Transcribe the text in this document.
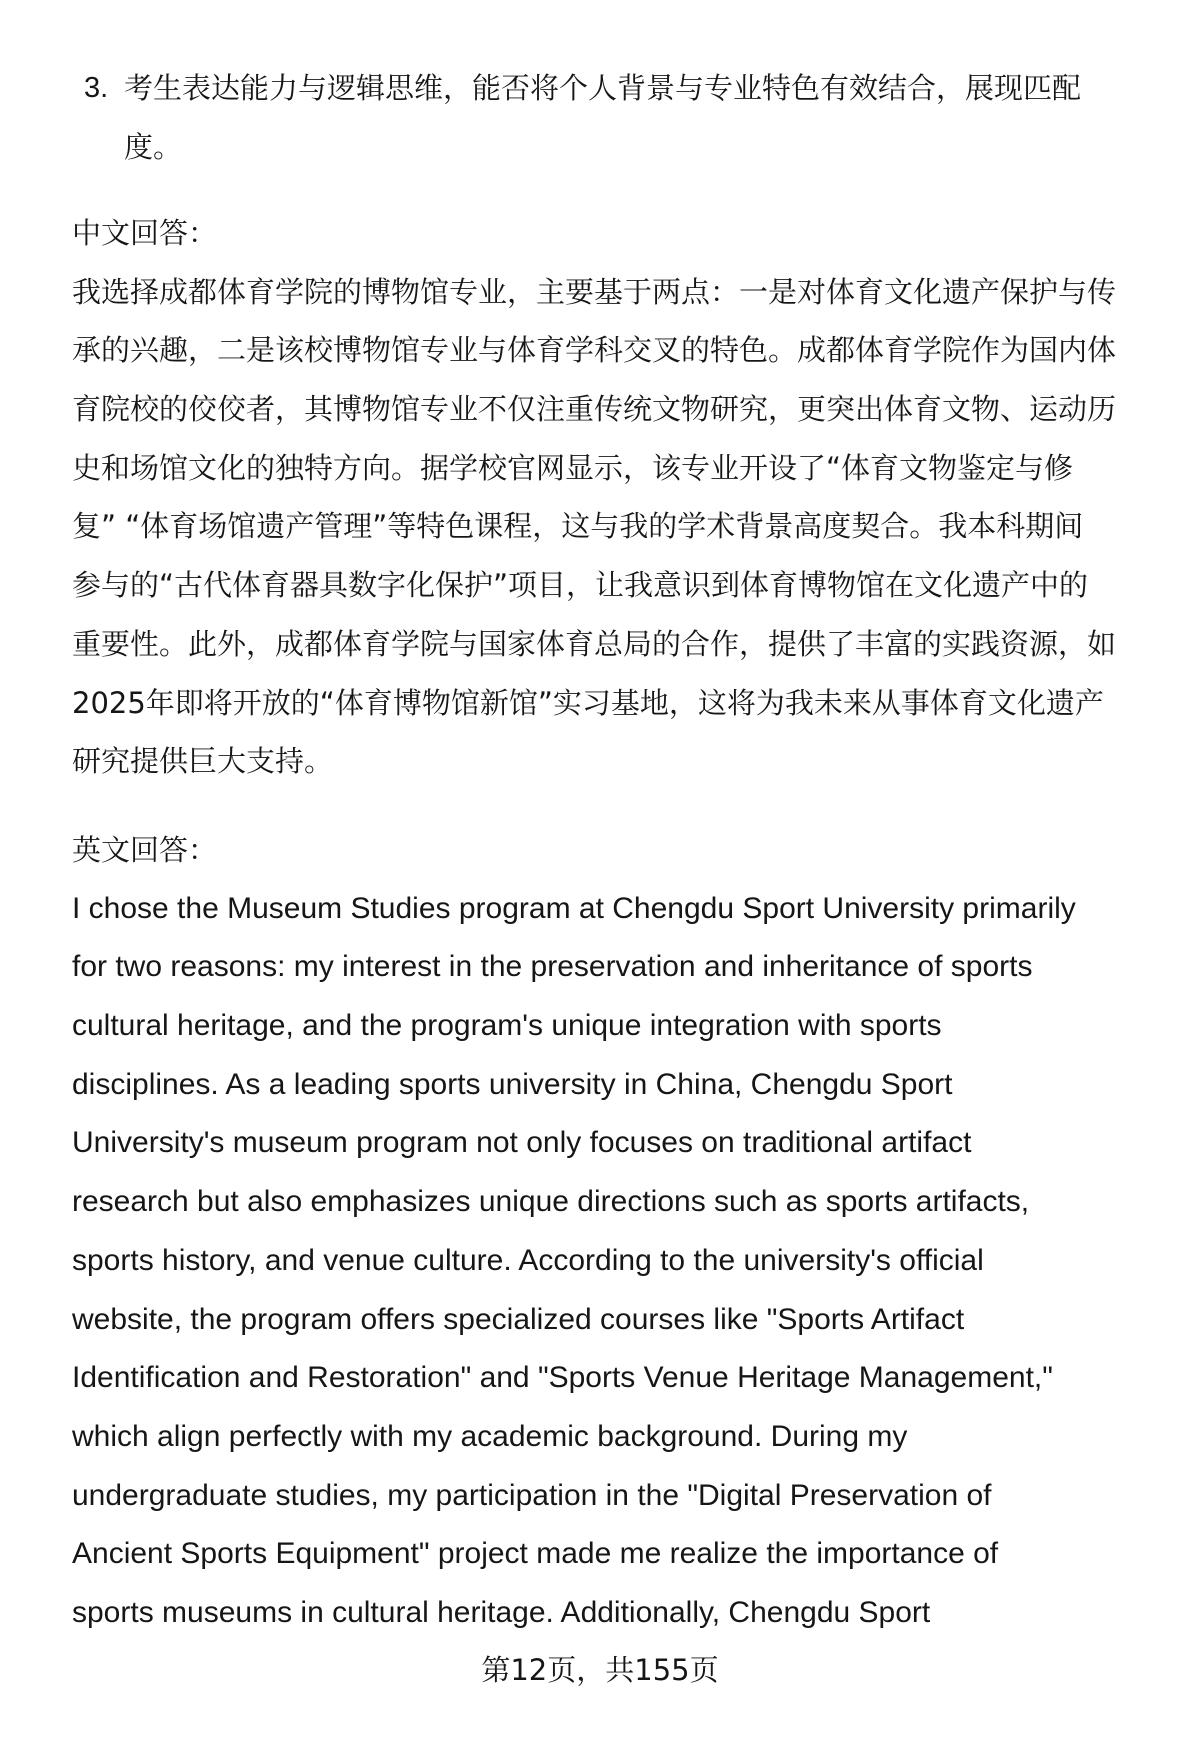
3. 考生表达能力与逻辑思维，能否将个人背景与专业特色有效结合，展现匹配
度。
中文回答：
我选择成都体育学院的博物馆专业，主要基于两点：一是对体育文化遗产保护与传
承的兴趣，二是该校博物馆专业与体育学科交叉的特色。成都体育学院作为国内体
育院校的佼佼者，其博物馆专业不仅注重传统文物研究，更突出体育文物、运动历
史和场馆文化的独特方向。据学校官网显示，该专业开设了“体育文物鉴定与修
复” “体育场馆遗产管理”等特色课程，这与我的学术背景高度契合。我本科期间
参与的“古代体育器具数字化保护”项目，让我意识到体育博物馆在文化遗产中的
重要性。此外，成都体育学院与国家体育总局的合作，提供了丰富的实践资源，如
2025年即将开放的“体育博物馆新馆”实习基地，这将为我未来从事体育文化遗产
研究提供巨大支持。
英文回答：
I chose the Museum Studies program at Chengdu Sport University primarily
for two reasons: my interest in the preservation and inheritance of sports
cultural heritage, and the program's unique integration with sports
disciplines. As a leading sports university in China, Chengdu Sport
University's museum program not only focuses on traditional artifact
research but also emphasizes unique directions such as sports artifacts,
sports history, and venue culture. According to the university's official
website, the program offers specialized courses like "Sports Artifact
Identification and Restoration" and "Sports Venue Heritage Management,"
which align perfectly with my academic background. During my
undergraduate studies, my participation in the "Digital Preservation of
Ancient Sports Equipment" project made me realize the importance of
sports museums in cultural heritage. Additionally, Chengdu Sport
第12页，共155页
